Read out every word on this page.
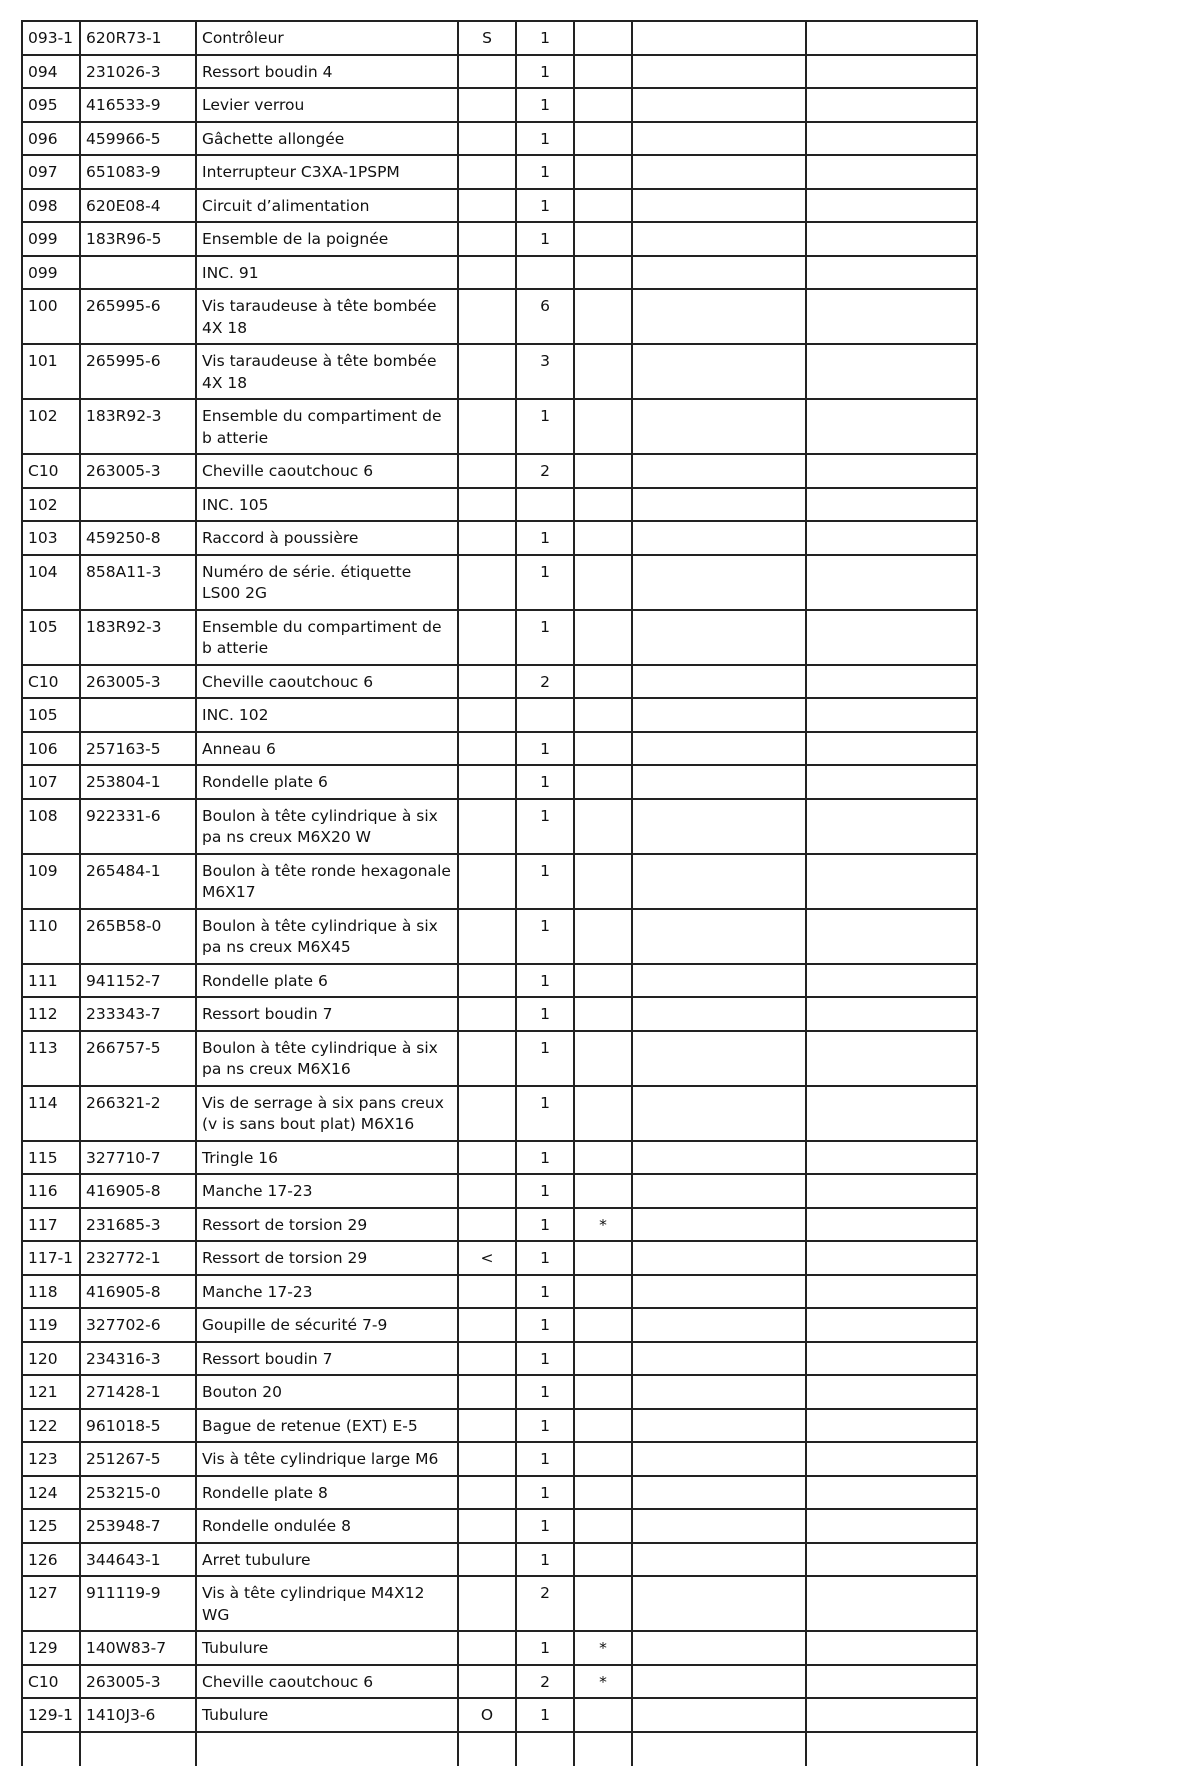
093-1	620R73-1	Contrôleur	S	1			
094	231026-3	Ressort boudin 4		1			
095	416533-9	Levier verrou		1			
096	459966-5	Gâchette allongée		1			
097	651083-9	Interrupteur C3XA-1PSPM		1			
098	620E08-4	Circuit d’alimentation		1			
099	183R96-5	Ensemble de la poignée		1			
099		INC. 91					
100	265995-6	Vis taraudeuse à tête bombée 4X 18		6			
101	265995-6	Vis taraudeuse à tête bombée 4X 18		3			
102	183R92-3	Ensemble du compartiment de b atterie		1			
C10	263005-3	Cheville caoutchouc 6		2			
102		INC. 105					
103	459250-8	Raccord à poussière		1			
104	858A11-3	Numéro de série. étiquette LS00 2G		1			
105	183R92-3	Ensemble du compartiment de b atterie		1			
C10	263005-3	Cheville caoutchouc 6		2			
105		INC. 102					
106	257163-5	Anneau 6		1			
107	253804-1	Rondelle plate 6		1			
108	922331-6	Boulon à tête cylindrique à six pa ns creux M6X20 W		1			
109	265484-1	Boulon à tête ronde hexagonale M6X17		1			
110	265B58-0	Boulon à tête cylindrique à six pa ns creux M6X45		1			
111	941152-7	Rondelle plate 6		1			
112	233343-7	Ressort boudin 7		1			
113	266757-5	Boulon à tête cylindrique à six pa ns creux M6X16		1			
114	266321-2	Vis de serrage à six pans creux (v is sans bout plat) M6X16		1			
115	327710-7	Tringle 16		1			
116	416905-8	Manche 17-23		1			
117	231685-3	Ressort de torsion 29		1	*		
117-1	232772-1	Ressort de torsion 29	<	1			
118	416905-8	Manche 17-23		1			
119	327702-6	Goupille de sécurité 7-9		1			
120	234316-3	Ressort boudin 7		1			
121	271428-1	Bouton 20		1			
122	961018-5	Bague de retenue (EXT) E-5		1			
123	251267-5	Vis à tête cylindrique large M6		1			
124	253215-0	Rondelle plate 8		1			
125	253948-7	Rondelle ondulée 8		1			
126	344643-1	Arret tubulure		1			
127	911119-9	Vis à tête cylindrique M4X12 WG		2			
129	140W83-7	Tubulure		1	*		
C10	263005-3	Cheville caoutchouc 6		2	*		
129-1	1410J3-6	Tubulure	O	1			
